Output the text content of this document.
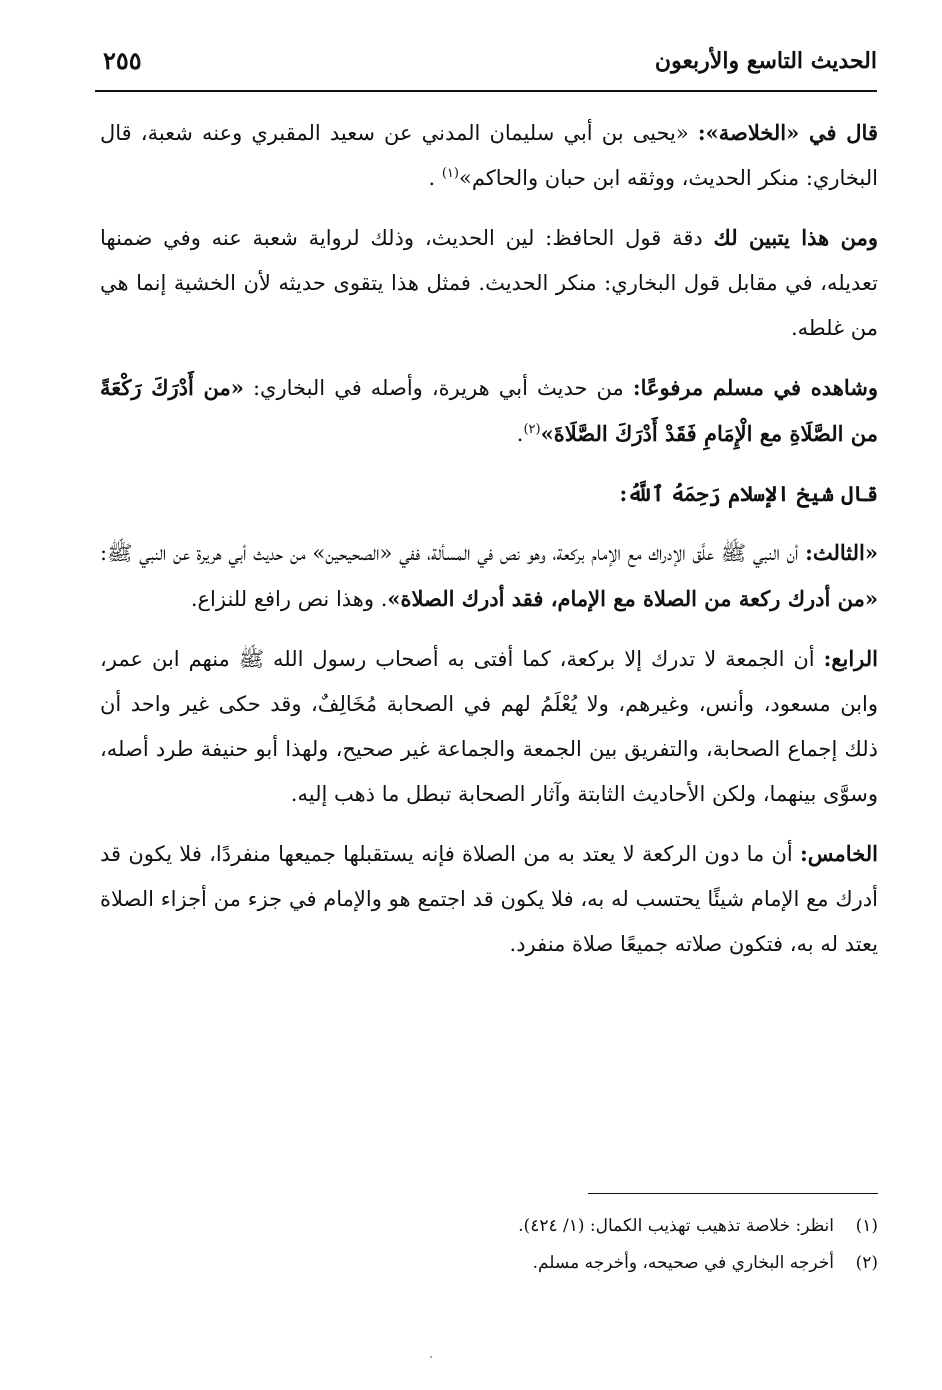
الحديث التاسع والأربعون
٢٥٥

قال في «الخلاصة»: «يحيى بن أبي سليمان المدني عن سعيد المقبري وعنه شعبة، قال البخاري: منكر الحديث، ووثقه ابن حبان والحاكم»$^{(١)}$ .

ومن هذا يتبين لك دقة قول الحافظ: لين الحديث، وذلك لرواية شعبة عنه وفي ضمنها تعديله، في مقابل قول البخاري: منكر الحديث. فمثل هذا يتقوى حديثه لأن الخشية إنما هي من غلطه.

وشاهده في مسلم مرفوعًا: من حديث أبي هريرة، وأصله في البخاري: «من أَدْرَكَ رَكْعَةً من الصَّلَاةِ مع الْإِمَامِ فَقَدْ أَدْرَكَ الصَّلَاةَ»$^{(٢)}$.

قال شيخ الإسلام رَحِمَهُ ٱللَّهُ:

«الثالث: أن النبي ﷺ علَّق الإدراك مع الإمام بركعة، وهو نص في المسألة، ففي «الصحيحين» من حديث أبي هريرة عن النبي ﷺ: «من أدرك ركعة من الصلاة مع الإمام، فقد أدرك الصلاة». وهذا نص رافع للنزاع.

الرابع: أن الجمعة لا تدرك إلا بركعة، كما أفتى به أصحاب رسول الله ﷺ منهم ابن عمر، وابن مسعود، وأنس، وغيرهم، ولا يُعْلَمُ لهم في الصحابة مُخَالِفٌ، وقد حكى غير واحد أن ذلك إجماع الصحابة، والتفريق بين الجمعة والجماعة غير صحيح، ولهذا أبو حنيفة طرد أصله، وسوَّى بينهما، ولكن الأحاديث الثابتة وآثار الصحابة تبطل ما ذهب إليه.

الخامس: أن ما دون الركعة لا يعتد به من الصلاة فإنه يستقبلها جميعها منفردًا، فلا يكون قد أدرك مع الإمام شيئًا يحتسب له به، فلا يكون قد اجتمع هو والإمام في جزء من أجزاء الصلاة يعتد له به، فتكون صلاته جميعًا صلاة منفرد.

(١)انظر: خلاصة تذهيب تهذيب الكمال: (١/ ٤٢٤).

(٢)أخرجه البخاري في صحيحه، وأخرجه مسلم.
